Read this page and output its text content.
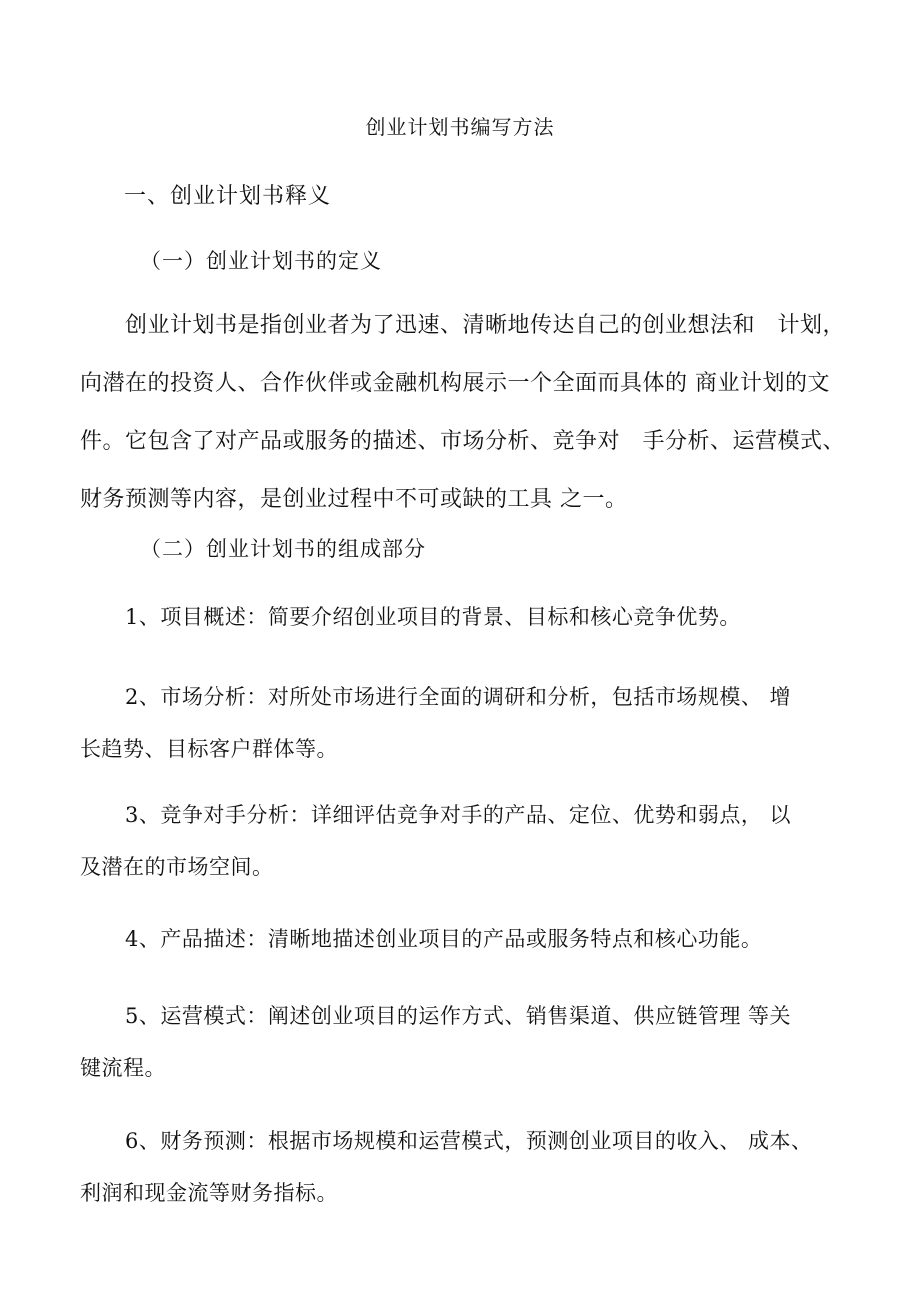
创业计划书编写方法
一、创业计划书释义
（一）创业计划书的定义
创业计划书是指创业者为了迅速、清晰地传达自己的创业想法和　计划，
向潜在的投资人、合作伙伴或金融机构展示一个全面而具体的 商业计划的文
件。它包含了对产品或服务的描述、市场分析、竞争对　手分析、运营模式、
财务预测等内容，是创业过程中不可或缺的工具 之一。
（二）创业计划书的组成部分
1、项目概述：简要介绍创业项目的背景、目标和核心竞争优势。
2、市场分析：对所处市场进行全面的调研和分析，包括市场规模、 增
长趋势、目标客户群体等。
3、竞争对手分析：详细评估竞争对手的产品、定位、优势和弱点， 以
及潜在的市场空间。
4、产品描述：清晰地描述创业项目的产品或服务特点和核心功能。
5、运营模式：阐述创业项目的运作方式、销售渠道、供应链管理 等关
键流程。
6、财务预测：根据市场规模和运营模式，预测创业项目的收入、 成本、
利润和现金流等财务指标。
